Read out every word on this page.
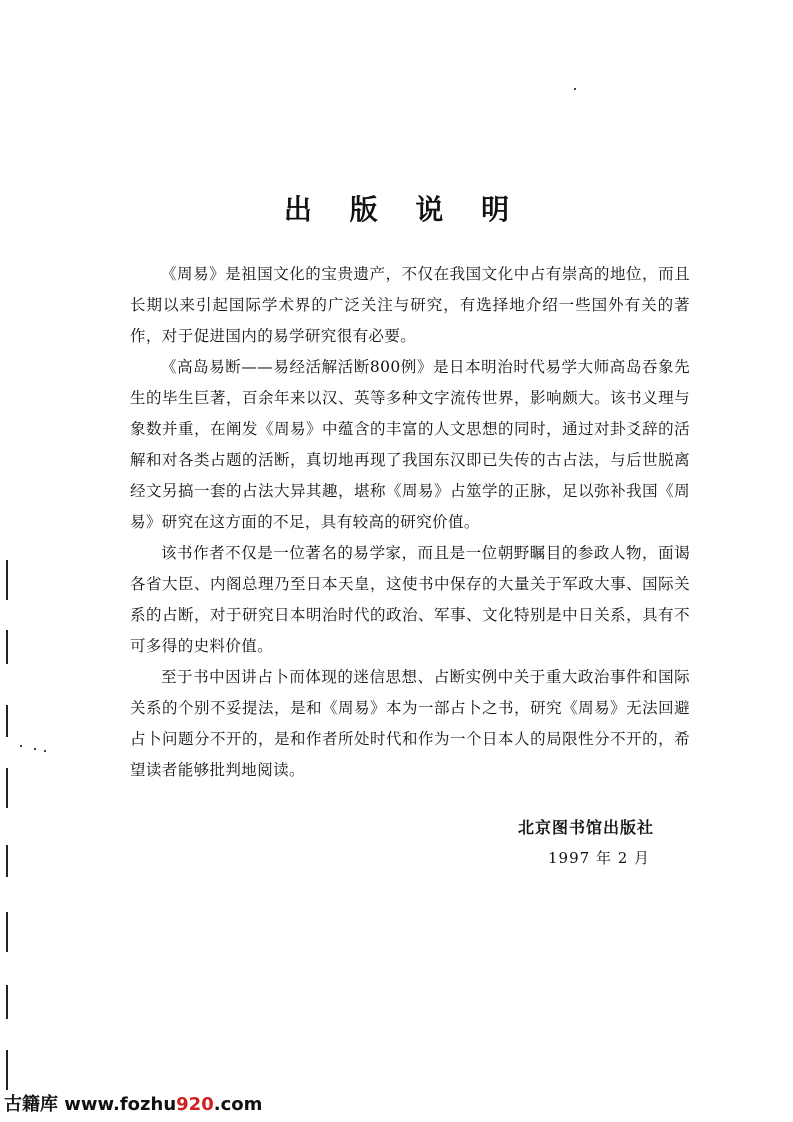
出 版 说 明

《周易》是祖国文化的宝贵遗产，不仅在我国文化中占有崇高的地位，而且长期以来引起国际学术界的广泛关注与研究，有选择地介绍一些国外有关的著作，对于促进国内的易学研究很有必要。

《高岛易断——易经活解活断800例》是日本明治时代易学大师高岛吞象先生的毕生巨著，百余年来以汉、英等多种文字流传世界，影响颇大。该书义理与象数并重，在阐发《周易》中蕴含的丰富的人文思想的同时，通过对卦爻辞的活解和对各类占题的活断，真切地再现了我国东汉即已失传的古占法，与后世脱离经文另搞一套的占法大异其趣，堪称《周易》占筮学的正脉，足以弥补我国《周易》研究在这方面的不足，具有较高的研究价值。

该书作者不仅是一位著名的易学家，而且是一位朝野瞩目的参政人物，面谒各省大臣、内阁总理乃至日本天皇，这使书中保存的大量关于军政大事、国际关系的占断，对于研究日本明治时代的政治、军事、文化特别是中日关系，具有不可多得的史料价值。

至于书中因讲占卜而体现的迷信思想、占断实例中关于重大政治事件和国际关系的个别不妥提法，是和《周易》本为一部占卜之书，研究《周易》无法回避占卜问题分不开的，是和作者所处时代和作为一个日本人的局限性分不开的，希望读者能够批判地阅读。

北京图书馆出版社
1997 年 2 月
古籍库 www.fozhu920.com
